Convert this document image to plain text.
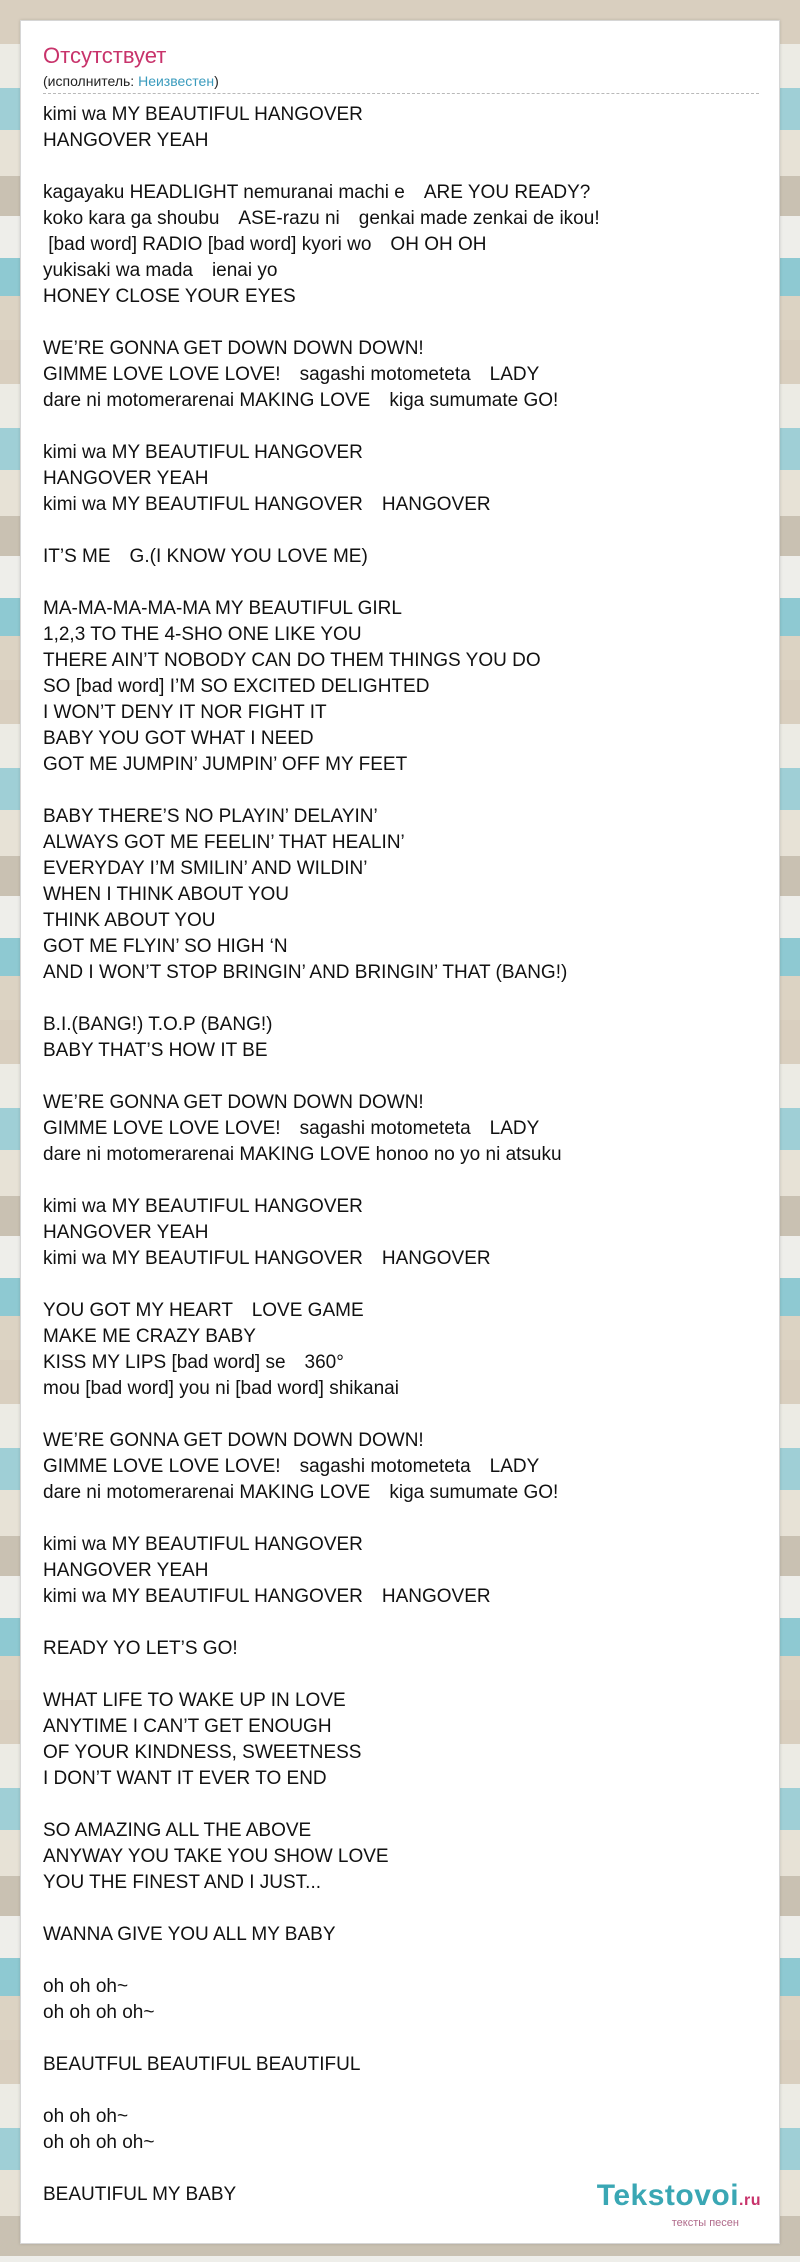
Отсутствует

(исполнитель: Неизвестен)

kimi wa MY BEAUTIFUL HANGOVER
HANGOVER YEAH

kagayaku HEADLIGHT nemuranai machi e　ARE YOU READY?
koko kara ga shoubu　ASE-razu ni　genkai made zenkai de ikou!
[bad word] RADIO [bad word] kyori wo　OH OH OH
yukisaki wa mada　ienai yo
HONEY CLOSE YOUR EYES

WE’RE GONNA GET DOWN DOWN DOWN!
GIMME LOVE LOVE LOVE!　sagashi motometeta　LADY
dare ni motomerarenai MAKING LOVE　kiga sumumate GO!

kimi wa MY BEAUTIFUL HANGOVER
HANGOVER YEAH
kimi wa MY BEAUTIFUL HANGOVER　HANGOVER

IT’S ME　G.(I KNOW YOU LOVE ME)

MA-MA-MA-MA-MA MY BEAUTIFUL GIRL
1,2,3 TO THE 4-SHO ONE LIKE YOU
THERE AIN’T NOBODY CAN DO THEM THINGS YOU DO
SO [bad word] I’M SO EXCITED DELIGHTED
I WON’T DENY IT NOR FIGHT IT
BABY YOU GOT WHAT I NEED
GOT ME JUMPIN’ JUMPIN’ OFF MY FEET

BABY THERE’S NO PLAYIN’ DELAYIN’
ALWAYS GOT ME FEELIN’ THAT HEALIN’
EVERYDAY I’M SMILIN’ AND WILDIN’
WHEN I THINK ABOUT YOU
THINK ABOUT YOU
GOT ME FLYIN’ SO HIGH ‘N
AND I WON’T STOP BRINGIN’ AND BRINGIN’ THAT (BANG!)

B.I.(BANG!) T.O.P (BANG!)
BABY THAT’S HOW IT BE

WE’RE GONNA GET DOWN DOWN DOWN!
GIMME LOVE LOVE LOVE!　sagashi motometeta　LADY
dare ni motomerarenai MAKING LOVE honoo no yo ni atsuku

kimi wa MY BEAUTIFUL HANGOVER
HANGOVER YEAH
kimi wa MY BEAUTIFUL HANGOVER　HANGOVER

YOU GOT MY HEART　LOVE GAME
MAKE ME CRAZY BABY
KISS MY LIPS [bad word] se　360°
mou [bad word] you ni [bad word] shikanai

WE’RE GONNA GET DOWN DOWN DOWN!
GIMME LOVE LOVE LOVE!　sagashi motometeta　LADY
dare ni motomerarenai MAKING LOVE　kiga sumumate GO!

kimi wa MY BEAUTIFUL HANGOVER
HANGOVER YEAH
kimi wa MY BEAUTIFUL HANGOVER　HANGOVER

READY YO LET’S GO!

WHAT LIFE TO WAKE UP IN LOVE
ANYTIME I CAN’T GET ENOUGH
OF YOUR KINDNESS, SWEETNESS
I DON’T WANT IT EVER TO END

SO AMAZING ALL THE ABOVE
ANYWAY YOU TAKE YOU SHOW LOVE
YOU THE FINEST AND I JUST...

WANNA GIVE YOU ALL MY BABY

oh oh oh~
oh oh oh oh~

BEAUTFUL BEAUTIFUL BEAUTIFUL

oh oh oh~
oh oh oh oh~

BEAUTIFUL MY BABY	Tekstovoi.ru
тексты песен
